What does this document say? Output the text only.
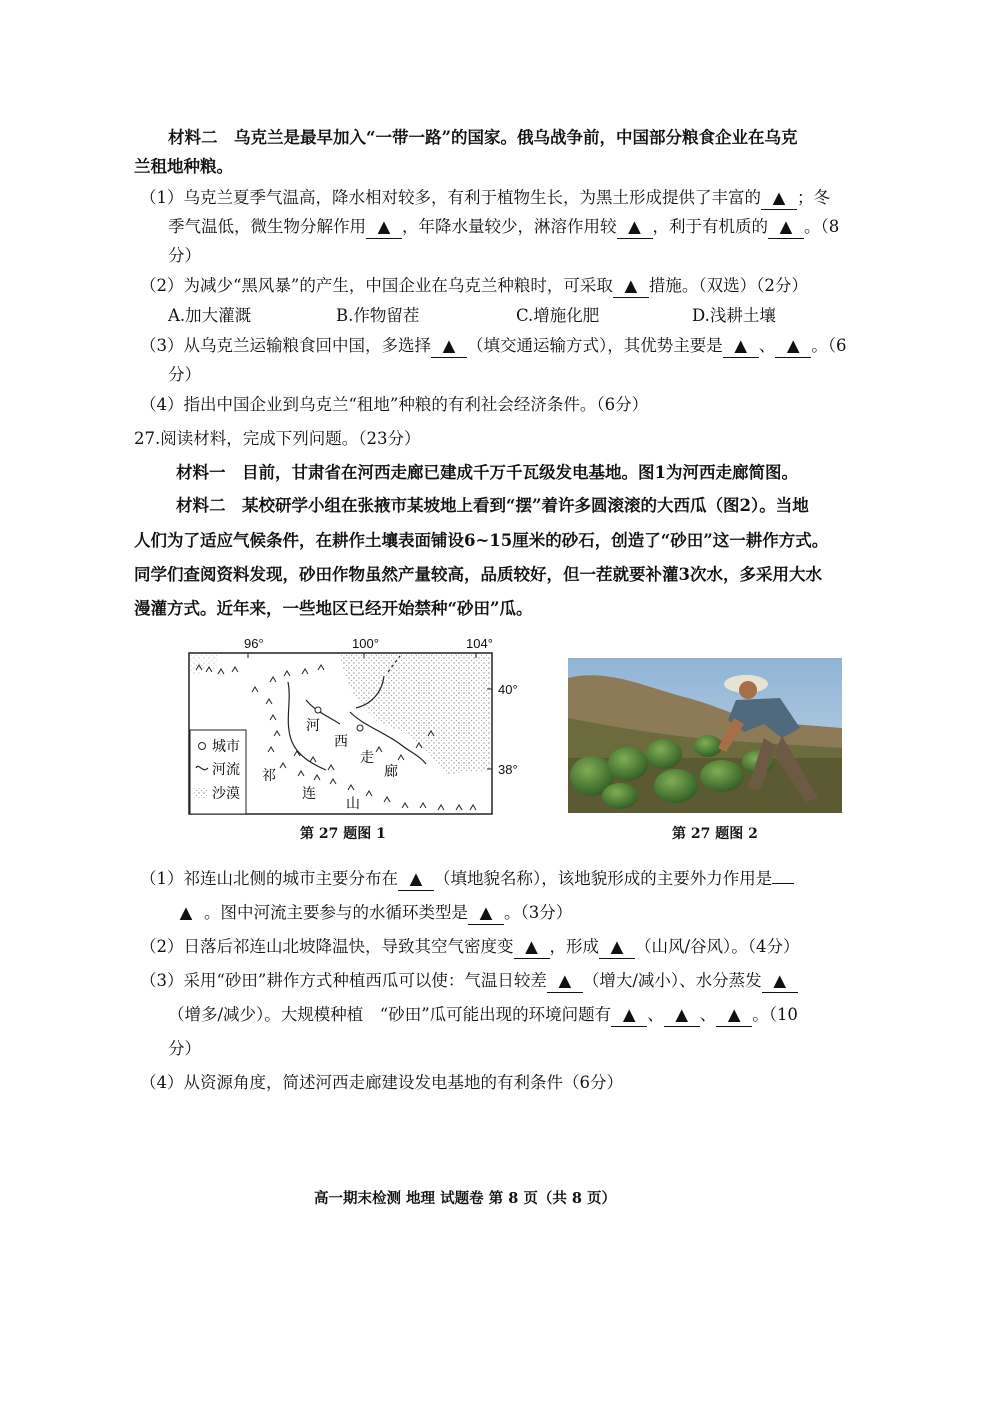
材料二　乌克兰是最早加入“一带一路”的国家。俄乌战争前，中国部分粮食企业在乌克
兰租地种粮。
（1）乌克兰夏季气温高，降水相对较多，有利于植物生长，为黑土形成提供了丰富的 ▲ ；冬
季气温低，微生物分解作用 ▲ ，年降水量较少，淋溶作用较 ▲ ，利于有机质的 ▲ 。（8
分）
（2）为减少“黑风暴”的产生，中国企业在乌克兰种粮时，可采取 ▲ 措施。（双选）（2分）
A.加大灌溉	B.作物留茬	C.增施化肥	D.浅耕土壤
（3）从乌克兰运输粮食回中国，多选择 ▲ （填交通运输方式），其优势主要是 ▲ 、 ▲ 。（6
分）
（4）指出中国企业到乌克兰“租地”种粮的有利社会经济条件。（6分）
27.阅读材料，完成下列问题。（23分）
材料一　目前，甘肃省在河西走廊已建成千万千瓦级发电基地。图1为河西走廊简图。
材料二　某校研学小组在张掖市某坡地上看到“摆”着许多圆滚滚的大西瓜（图2）。当地
人们为了适应气候条件，在耕作土壤表面铺设6~15厘米的砂石，创造了“砂田”这一耕作方式。
同学们查阅资料发现，砂田作物虽然产量较高，品质较好，但一茬就要补灌3次水，多采用大水
漫灌方式。近年来，一些地区已经开始禁种“砂田”瓜。
96°	100°	104°
40°
38°
城市
河流
沙漠
河
西
走
廊
祁
连
山
第 27 题图 1	第 27 题图 2
（1）祁连山北侧的城市主要分布在 ▲ （填地貌名称），该地貌形成的主要外力作用是
▲ 。图中河流主要参与的水循环类型是 ▲ 。（3分）
（2）日落后祁连山北坡降温快，导致其空气密度变 ▲ ，形成 ▲ （山风/谷风）。（4分）
（3）采用“砂田”耕作方式种植西瓜可以使：气温日较差 ▲ （增大/减小）、水分蒸发 ▲
（增多/减少）。大规模种植　“砂田”瓜可能出现的环境问题有 ▲ 、 ▲ 、 ▲ 。（10
分）
（4）从资源角度，简述河西走廊建设发电基地的有利条件（6分）
高一期末检测 地理 试题卷 第 8 页（共 8 页）
